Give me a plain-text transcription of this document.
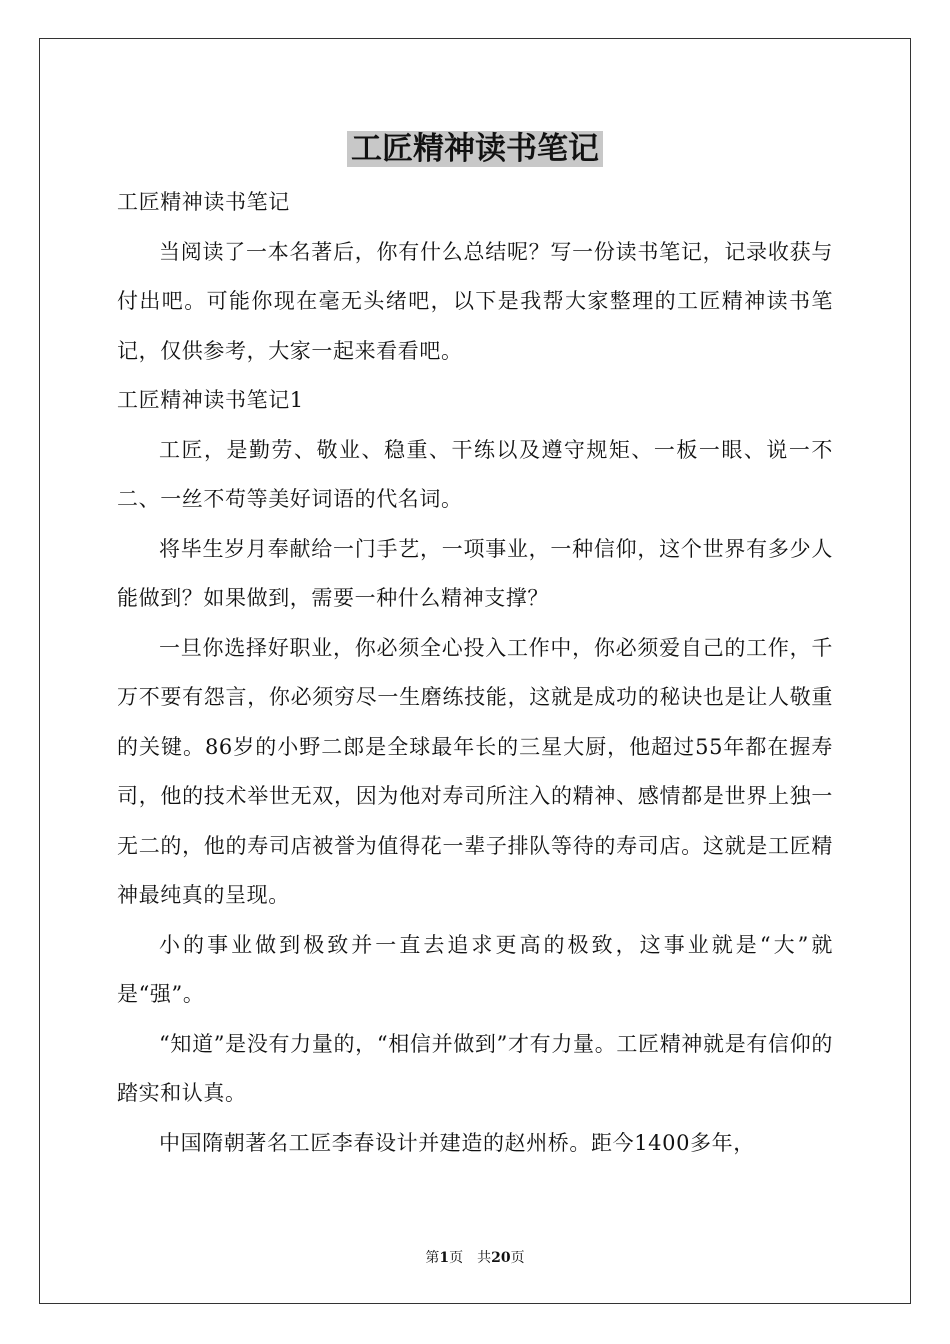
工匠精神读书笔记

工匠精神读书笔记

当阅读了一本名著后，你有什么总结呢？写一份读书笔记，记录收获与付出吧。可能你现在毫无头绪吧，以下是我帮大家整理的工匠精神读书笔记，仅供参考，大家一起来看看吧。

工匠精神读书笔记1

工匠，是勤劳、敬业、稳重、干练以及遵守规矩、一板一眼、说一不二、一丝不苟等美好词语的代名词。

将毕生岁月奉献给一门手艺，一项事业，一种信仰，这个世界有多少人能做到？如果做到，需要一种什么精神支撑？

一旦你选择好职业，你必须全心投入工作中，你必须爱自己的工作，千万不要有怨言，你必须穷尽一生磨练技能，这就是成功的秘诀也是让人敬重的关键。86岁的小野二郎是全球最年长的三星大厨，他超过55年都在握寿司，他的技术举世无双，因为他对寿司所注入的精神、感情都是世界上独一无二的，他的寿司店被誉为值得花一辈子排队等待的寿司店。这就是工匠精神最纯真的呈现。

小的事业做到极致并一直去追求更高的极致，这事业就是“大”就是“强”。

“知道”是没有力量的，“相信并做到”才有力量。工匠精神就是有信仰的踏实和认真。

中国隋朝著名工匠李春设计并建造的赵州桥。距今1400多年，

第1页 共20页
